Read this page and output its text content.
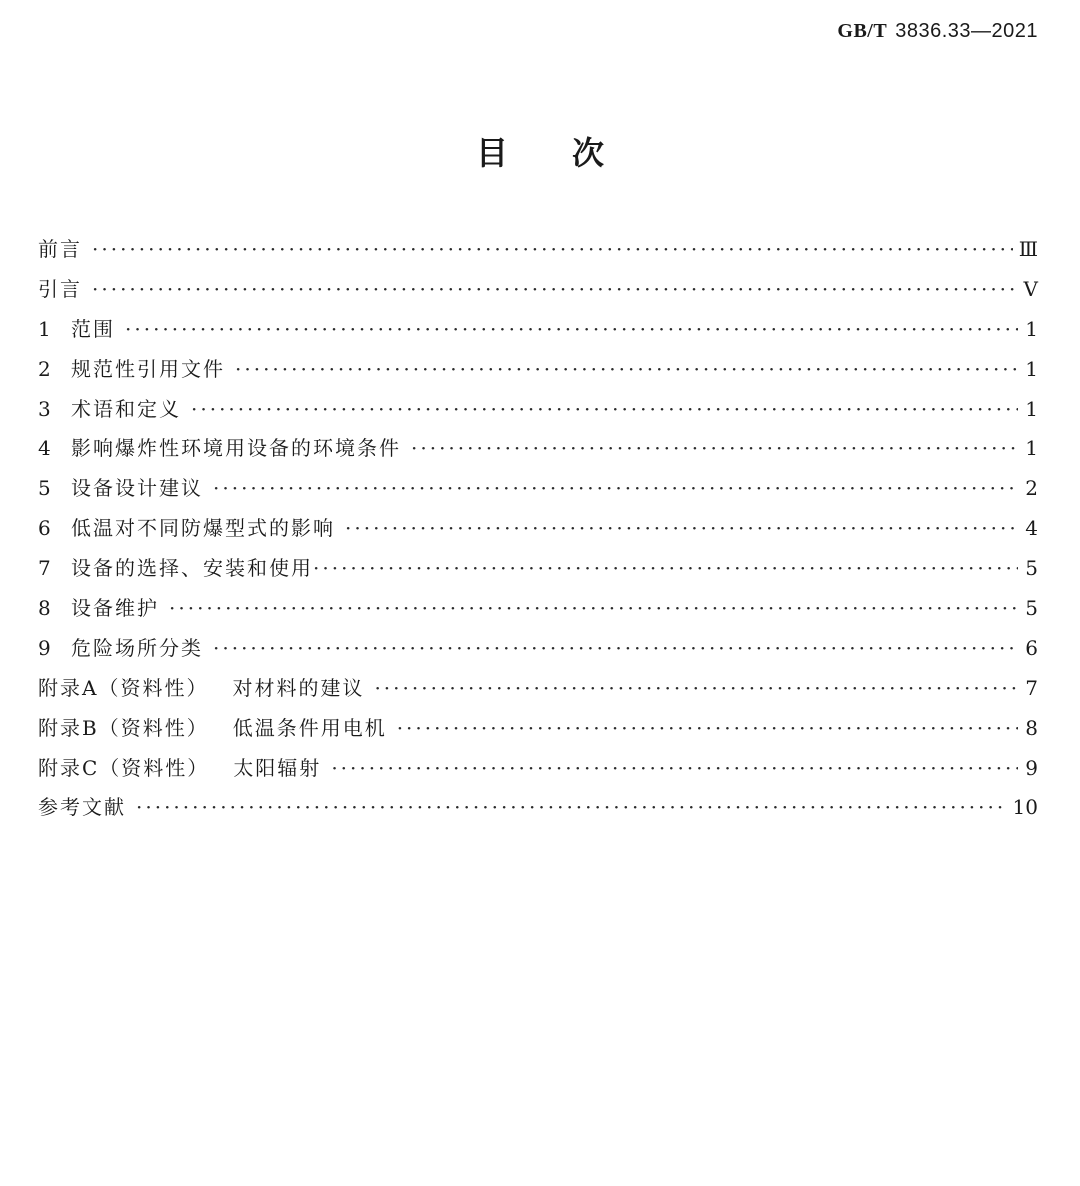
GB/T 3836.33—2021
目次
前言 ·····	Ⅲ
引言 ·····	Ⅴ
1	范围 ·····	1
2	规范性引用文件 ·····	1
3	术语和定义 ·····	1
4	影响爆炸性环境用设备的环境条件 ·····	1
5	设备设计建议 ·····	2
6	低温对不同防爆型式的影响 ·····	4
7	设备的选择、安装和使用 ·····	5
8	设备维护 ·····	5
9	危险场所分类 ·····	6
附录A（资料性） 对材料的建议 ·····	7
附录B（资料性） 低温条件用电机 ·····	8
附录C（资料性） 太阳辐射 ·····	9
参考文献 ·····	10
